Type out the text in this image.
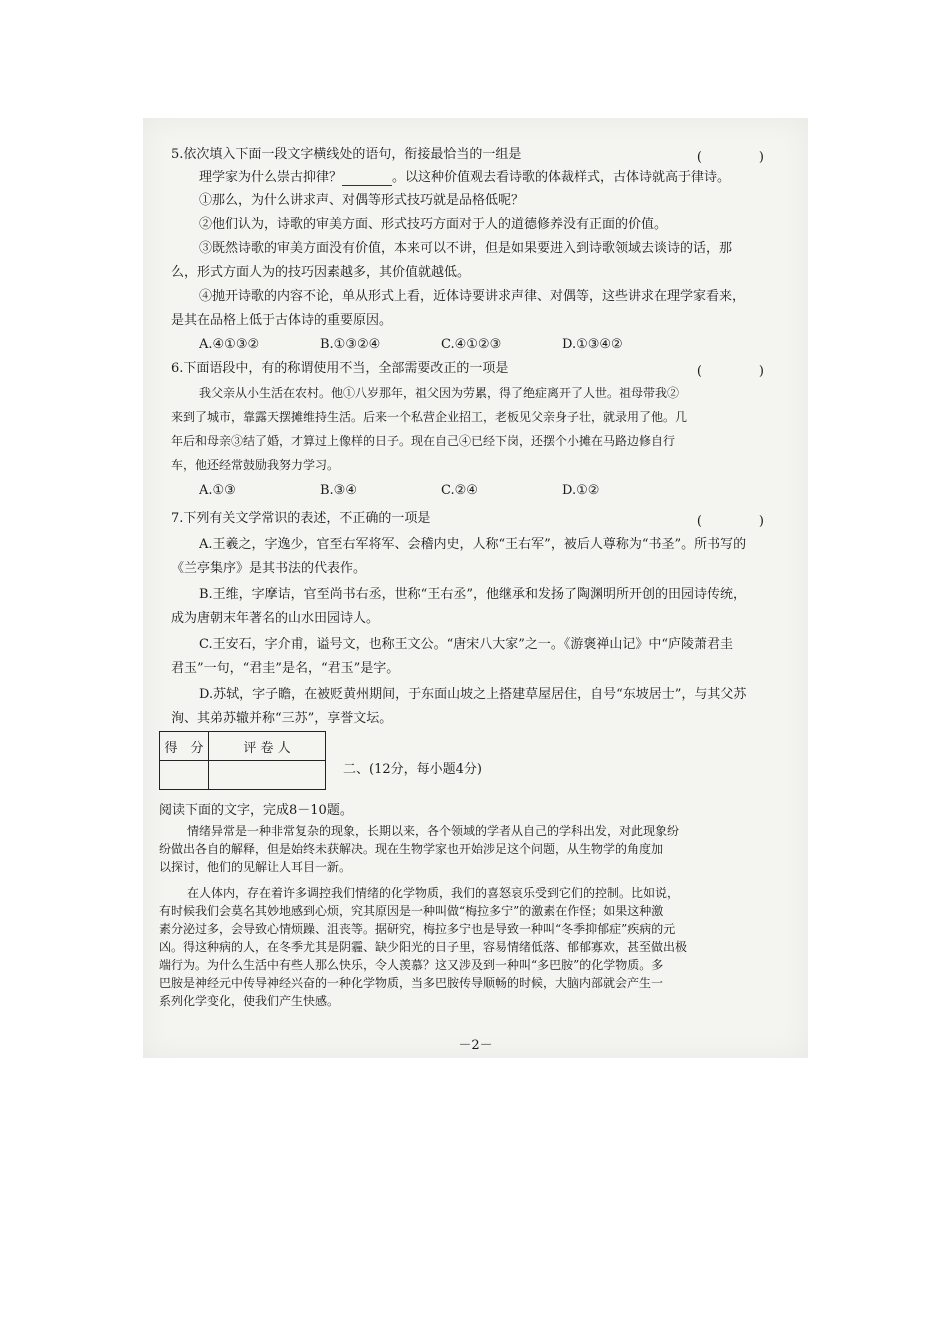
5.依次填入下面一段文字横线处的语句，衔接最恰当的一组是	(　)
理学家为什么崇古抑律？	。以这种价值观去看诗歌的体裁样式，古体诗就高于律诗。
①那么，为什么讲求声、对偶等形式技巧就是品格低呢？
②他们认为，诗歌的审美方面、形式技巧方面对于人的道德修养没有正面的价值。
③既然诗歌的审美方面没有价值，本来可以不讲，但是如果要进入到诗歌领域去谈诗的话，那
么，形式方面人为的技巧因素越多，其价值就越低。
④抛开诗歌的内容不论，单从形式上看，近体诗要讲求声律、对偶等，这些讲求在理学家看来，
是其在品格上低于古体诗的重要原因。
A.④①③②	B.①③②④	C.④①②③	D.①③④②
6.下面语段中，有的称谓使用不当，全部需要改正的一项是	(　)
我父亲从小生活在农村。他①八岁那年，祖父因为劳累，得了绝症离开了人世。祖母带我②
来到了城市，靠露天摆摊维持生活。后来一个私营企业招工，老板见父亲身子壮，就录用了他。几
年后和母亲③结了婚，才算过上像样的日子。现在自己④已经下岗，还摆个小摊在马路边修自行
车，他还经常鼓励我努力学习。
A.①③	B.③④	C.②④	D.①②
7.下列有关文学常识的表述，不正确的一项是	(　)
A.王羲之，字逸少，官至右军将军、会稽内史，人称“王右军”，被后人尊称为“书圣”。所书写的
《兰亭集序》是其书法的代表作。
B.王维，字摩诘，官至尚书右丞，世称“王右丞”，他继承和发扬了陶渊明所开创的田园诗传统，
成为唐朝末年著名的山水田园诗人。
C.王安石，字介甫，谥号文，也称王文公。“唐宋八大家”之一。《游褒禅山记》中“庐陵萧君圭
君玉”一句，“君圭”是名，“君玉”是字。
D.苏轼，字子瞻，在被贬黄州期间，于东面山坡之上搭建草屋居住，自号“东坡居士”，与其父苏
洵、其弟苏辙并称“三苏”，享誉文坛。
得　分	评 卷 人

二、(12分，每小题4分)
阅读下面的文字，完成8－10题。
情绪异常是一种非常复杂的现象，长期以来，各个领域的学者从自己的学科出发，对此现象纷
纷做出各自的解释，但是始终未获解决。现在生物学家也开始涉足这个问题，从生物学的角度加
以探讨，他们的见解让人耳目一新。
在人体内，存在着许多调控我们情绪的化学物质，我们的喜怒哀乐受到它们的控制。比如说，
有时候我们会莫名其妙地感到心烦，究其原因是一种叫做“梅拉多宁”的激素在作怪；如果这种激
素分泌过多，会导致心情烦躁、沮丧等。据研究，梅拉多宁也是导致一种叫“冬季抑郁症”疾病的元
凶。得这种病的人，在冬季尤其是阴霾、缺少阳光的日子里，容易情绪低落、郁郁寡欢，甚至做出极
端行为。为什么生活中有些人那么快乐，令人羡慕？这又涉及到一种叫“多巴胺”的化学物质。多
巴胺是神经元中传导神经兴奋的一种化学物质，当多巴胺传导顺畅的时候，大脑内部就会产生一
系列化学变化，使我们产生快感。
－2－
